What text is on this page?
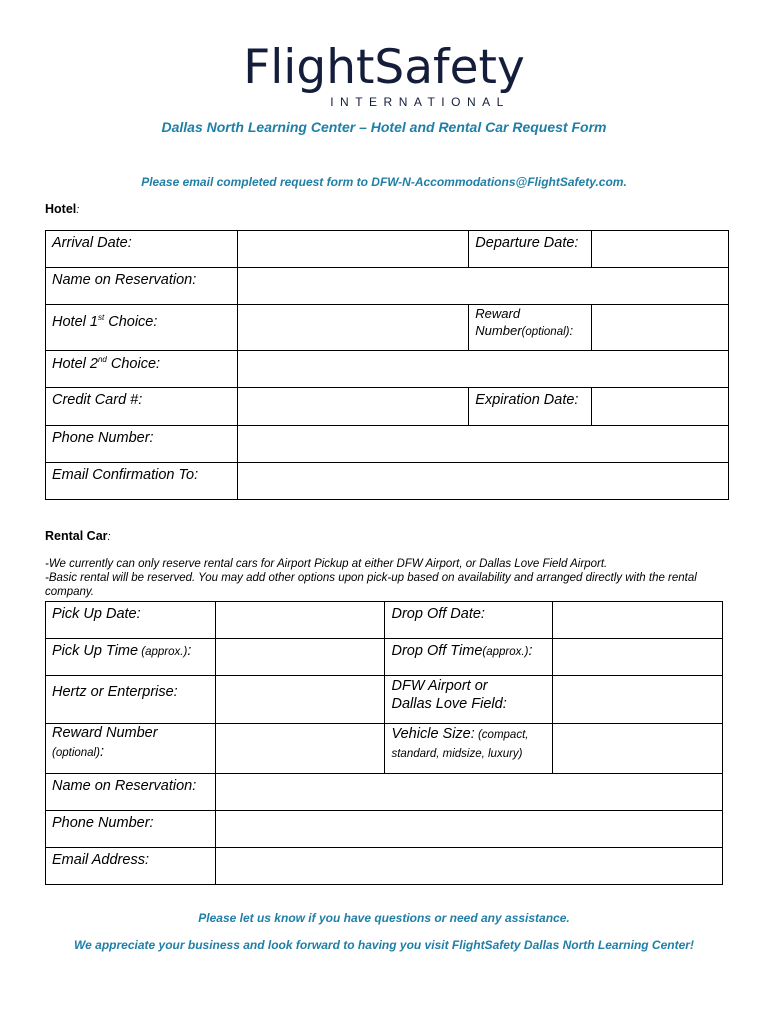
FlightSafety
INTERNATIONAL
Dallas North Learning Center – Hotel and Rental Car Request Form
Please email completed request form to DFW-N-Accommodations@FlightSafety.com.
Hotel:
Arrival Date:		Departure Date:	

Name on Reservation:			

Hotel 1st Choice:		Reward Number(optional):	

Hotel 2nd Choice:			

Credit Card #:		Expiration Date:	

Phone Number:			

Email Confirmation To:			

Rental Car:
-We currently can only reserve rental cars for Airport Pickup at either DFW Airport, or Dallas Love Field Airport.
-Basic rental will be reserved. You may add other options upon pick-up based on availability and arranged directly with the rental company.
Pick Up Date:		Drop Off Date:	

Pick Up Time (approx.):		Drop Off Time(approx.):	

Hertz or Enterprise:		DFW Airport or
Dallas Love Field:	

Reward Number
(optional):		Vehicle Size: (compact, standard, midsize, luxury)	

Name on Reservation:			

Phone Number:			

Email Address:			

Please let us know if you have questions or need any assistance.
We appreciate your business and look forward to having you visit FlightSafety Dallas North Learning Center!
